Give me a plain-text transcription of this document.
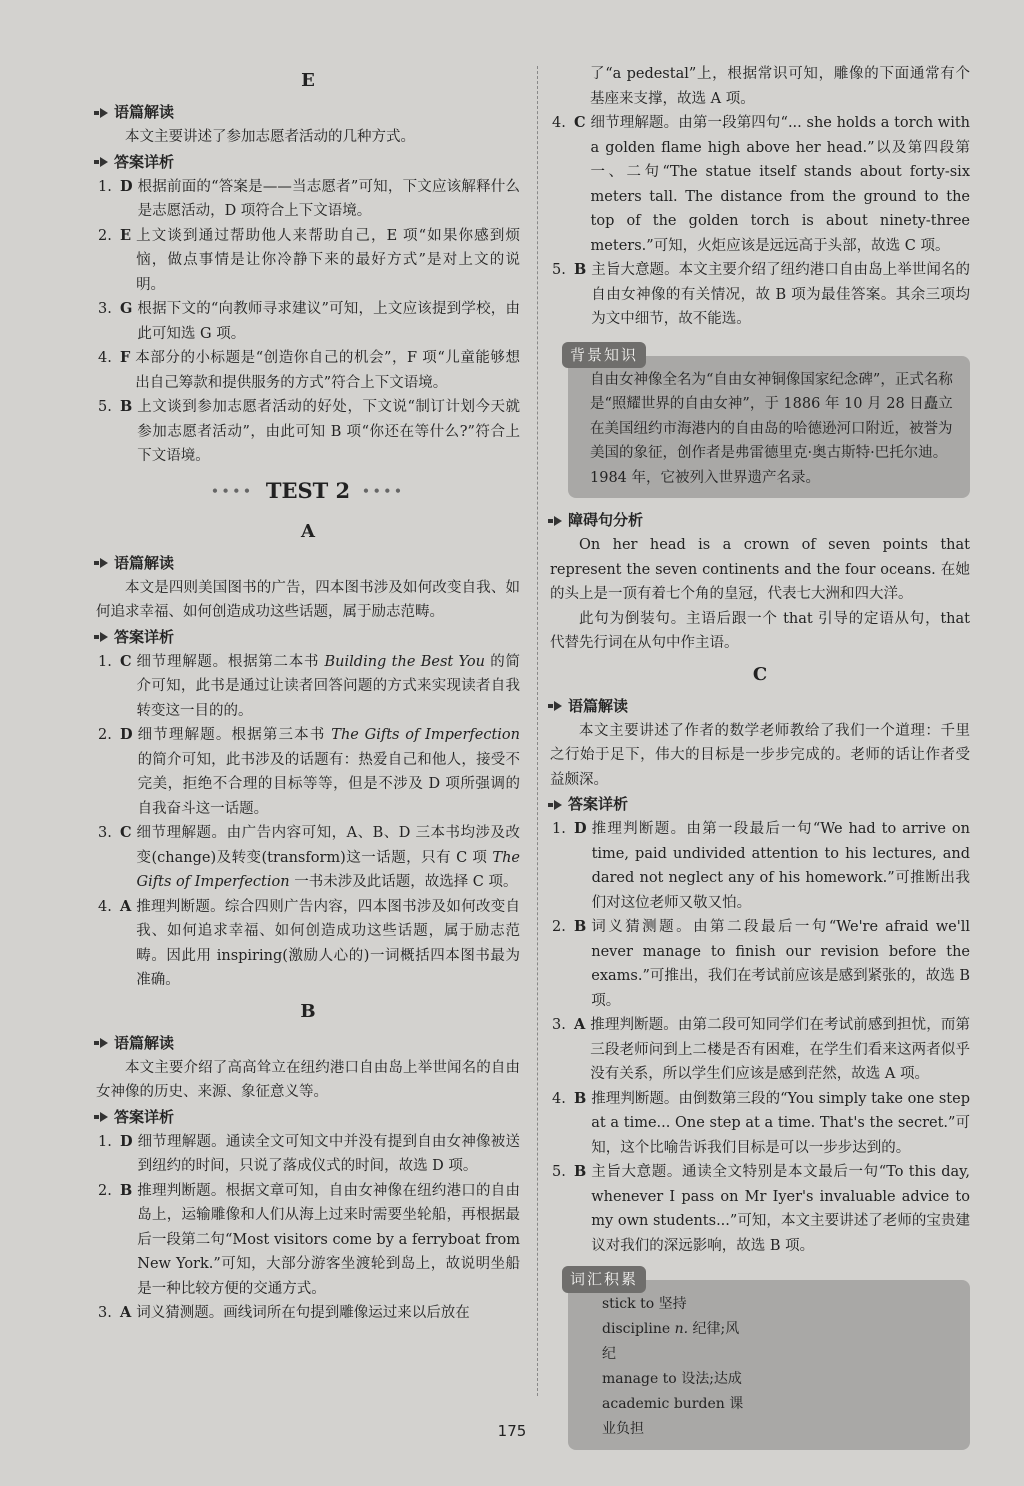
E
语篇解读
本文主要讲述了参加志愿者活动的几种方式。
答案详析
1. D 根据前面的“答案是——当志愿者”可知，下文应该解释什么是志愿活动，D 项符合上下文语境。
2. E 上文谈到通过帮助他人来帮助自己，E 项“如果你感到烦恼，做点事情是让你冷静下来的最好方式”是对上文的说明。
3. G 根据下文的“向教师寻求建议”可知，上文应该提到学校，由此可知选 G 项。
4. F 本部分的小标题是“创造你自己的机会”，F 项“儿童能够想出自己筹款和提供服务的方式”符合上下文语境。
5. B 上文谈到参加志愿者活动的好处，下文说“制订计划今天就参加志愿者活动”，由此可知 B 项“你还在等什么?”符合上下文语境。
•••• TEST 2 ••••
A
语篇解读
本文是四则美国图书的广告，四本图书涉及如何改变自我、如何追求幸福、如何创造成功这些话题，属于励志范畴。
答案详析
1. C 细节理解题。根据第二本书 Building the Best You 的简介可知，此书是通过让读者回答问题的方式来实现读者自我转变这一目的的。
2. D 细节理解题。根据第三本书 The Gifts of Imperfection 的简介可知，此书涉及的话题有：热爱自己和他人，接受不完美，拒绝不合理的目标等等，但是不涉及 D 项所强调的自我奋斗这一话题。
3. C 细节理解题。由广告内容可知，A、B、D 三本书均涉及改变(change)及转变(transform)这一话题，只有 C 项 The Gifts of Imperfection 一书未涉及此话题，故选择 C 项。
4. A 推理判断题。综合四则广告内容，四本图书涉及如何改变自我、如何追求幸福、如何创造成功这些话题，属于励志范畴。因此用 inspiring(激励人心的)一词概括四本图书最为准确。
B
语篇解读
本文主要介绍了高高耸立在纽约港口自由岛上举世闻名的自由女神像的历史、来源、象征意义等。
答案详析
1. D 细节理解题。通读全文可知文中并没有提到自由女神像被送到纽约的时间，只说了落成仪式的时间，故选 D 项。
2. B 推理判断题。根据文章可知，自由女神像在纽约港口的自由岛上，运输雕像和人们从海上过来时需要坐轮船，再根据最后一段第二句“Most visitors come by a ferryboat from New York.”可知，大部分游客坐渡轮到岛上，故说明坐船是一种比较方便的交通方式。
3. A 词义猜测题。画线词所在句提到雕像运过来以后放在
了“a pedestal”上，根据常识可知，雕像的下面通常有个基座来支撑，故选 A 项。
4. C 细节理解题。由第一段第四句“... she holds a torch with a golden flame high above her head.”以及第四段第一、二句“The statue itself stands about forty-six meters tall. The distance from the ground to the top of the golden torch is about ninety-three meters.”可知，火炬应该是远远高于头部，故选 C 项。
5. B 主旨大意题。本文主要介绍了纽约港口自由岛上举世闻名的自由女神像的有关情况，故 B 项为最佳答案。其余三项均为文中细节，故不能选。
背景知识
自由女神像全名为“自由女神铜像国家纪念碑”，正式名称是“照耀世界的自由女神”，于 1886 年 10 月 28 日矗立在美国纽约市海港内的自由岛的哈德逊河口附近，被誉为美国的象征，创作者是弗雷德里克·奥古斯特·巴托尔迪。1984 年，它被列入世界遗产名录。
障碍句分析
On her head is a crown of seven points that represent the seven continents and the four oceans. 在她的头上是一顶有着七个角的皇冠，代表七大洲和四大洋。
此句为倒装句。主语后跟一个 that 引导的定语从句，that 代替先行词在从句中作主语。
C
语篇解读
本文主要讲述了作者的数学老师教给了我们一个道理：千里之行始于足下，伟大的目标是一步步完成的。老师的话让作者受益颇深。
答案详析
1. D 推理判断题。由第一段最后一句“We had to arrive on time, paid undivided attention to his lectures, and dared not neglect any of his homework.”可推断出我们对这位老师又敬又怕。
2. B 词义猜测题。由第二段最后一句“We're afraid we'll never manage to finish our revision before the exams.”可推出，我们在考试前应该是感到紧张的，故选 B 项。
3. A 推理判断题。由第二段可知同学们在考试前感到担忧，而第三段老师问到上二楼是否有困难，在学生们看来这两者似乎没有关系，所以学生们应该是感到茫然，故选 A 项。
4. B 推理判断题。由倒数第三段的“You simply take one step at a time... One step at a time. That's the secret.”可知，这个比喻告诉我们目标是可以一步步达到的。
5. B 主旨大意题。通读全文特别是本文最后一句“To this day, whenever I pass on Mr Iyer's invaluable advice to my own students...”可知，本文主要讲述了老师的宝贵建议对我们的深远影响，故选 B 项。
词汇积累
stick to 坚持
discipline n. 纪律;风纪
manage to 设法;达成
academic burden 课业负担
175
